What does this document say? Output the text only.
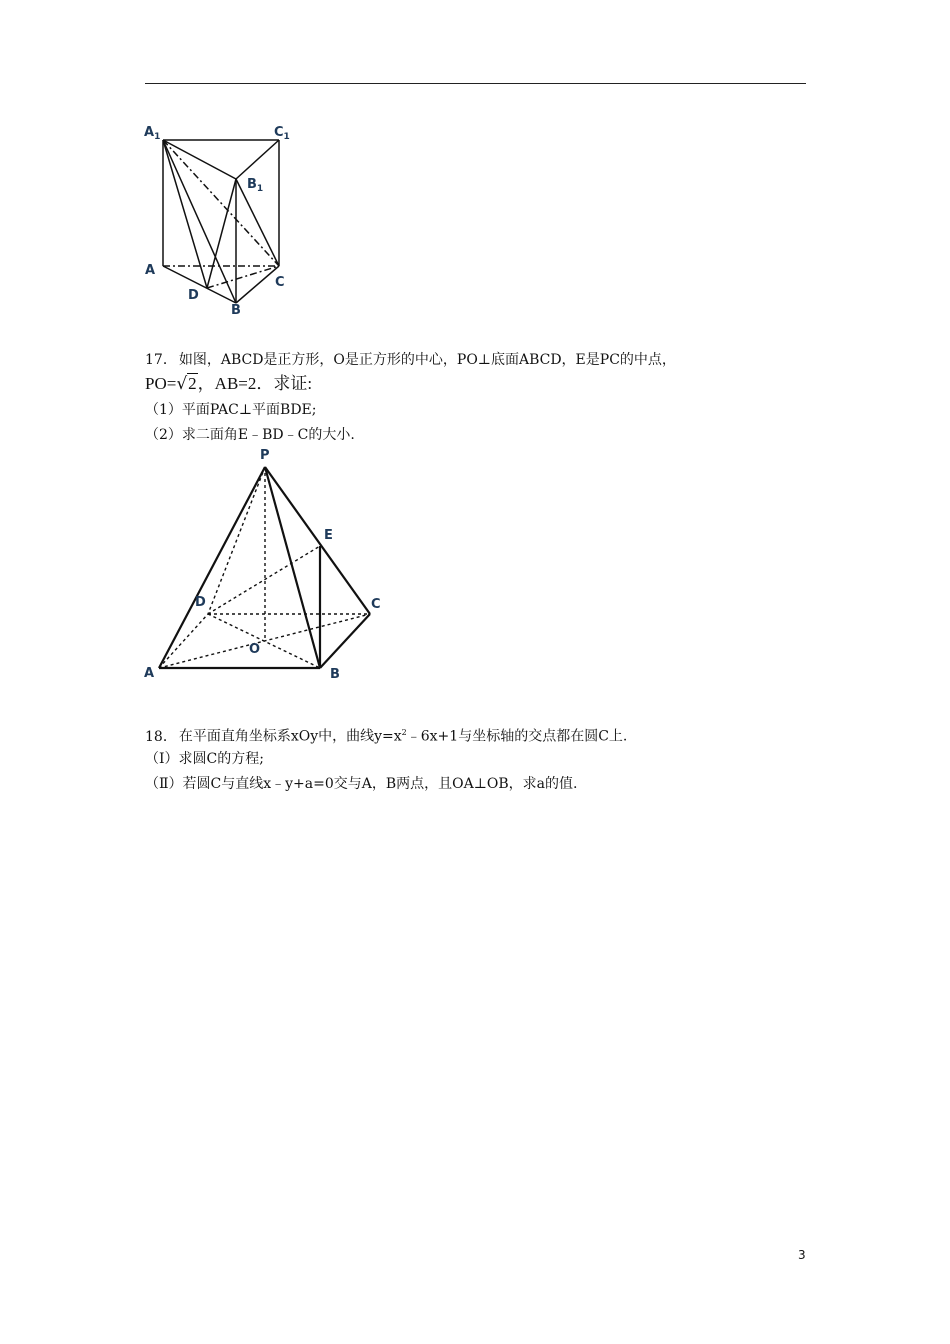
$A_1$	$C_1$
$B_1$
A
D
B
C
17． 如图，ABCD是正方形，O是正方形的中心，PO⊥底面ABCD，E是PC的中点，
PO=√2，AB=2．求证:
（1）平面PAC⊥平面BDE;
（2）求二面角E﹣BD﹣C的大小.
P
E
C
D
O
A	B
18． 在平面直角坐标系xOy中，曲线$y=x^2﹣6x+1$与坐标轴的交点都在圆C上.
（Ⅰ）求圆C的方程;
（Ⅱ）若圆C与直线x﹣y+a=0交与A，B两点，且OA⊥OB，求a的值.
3
